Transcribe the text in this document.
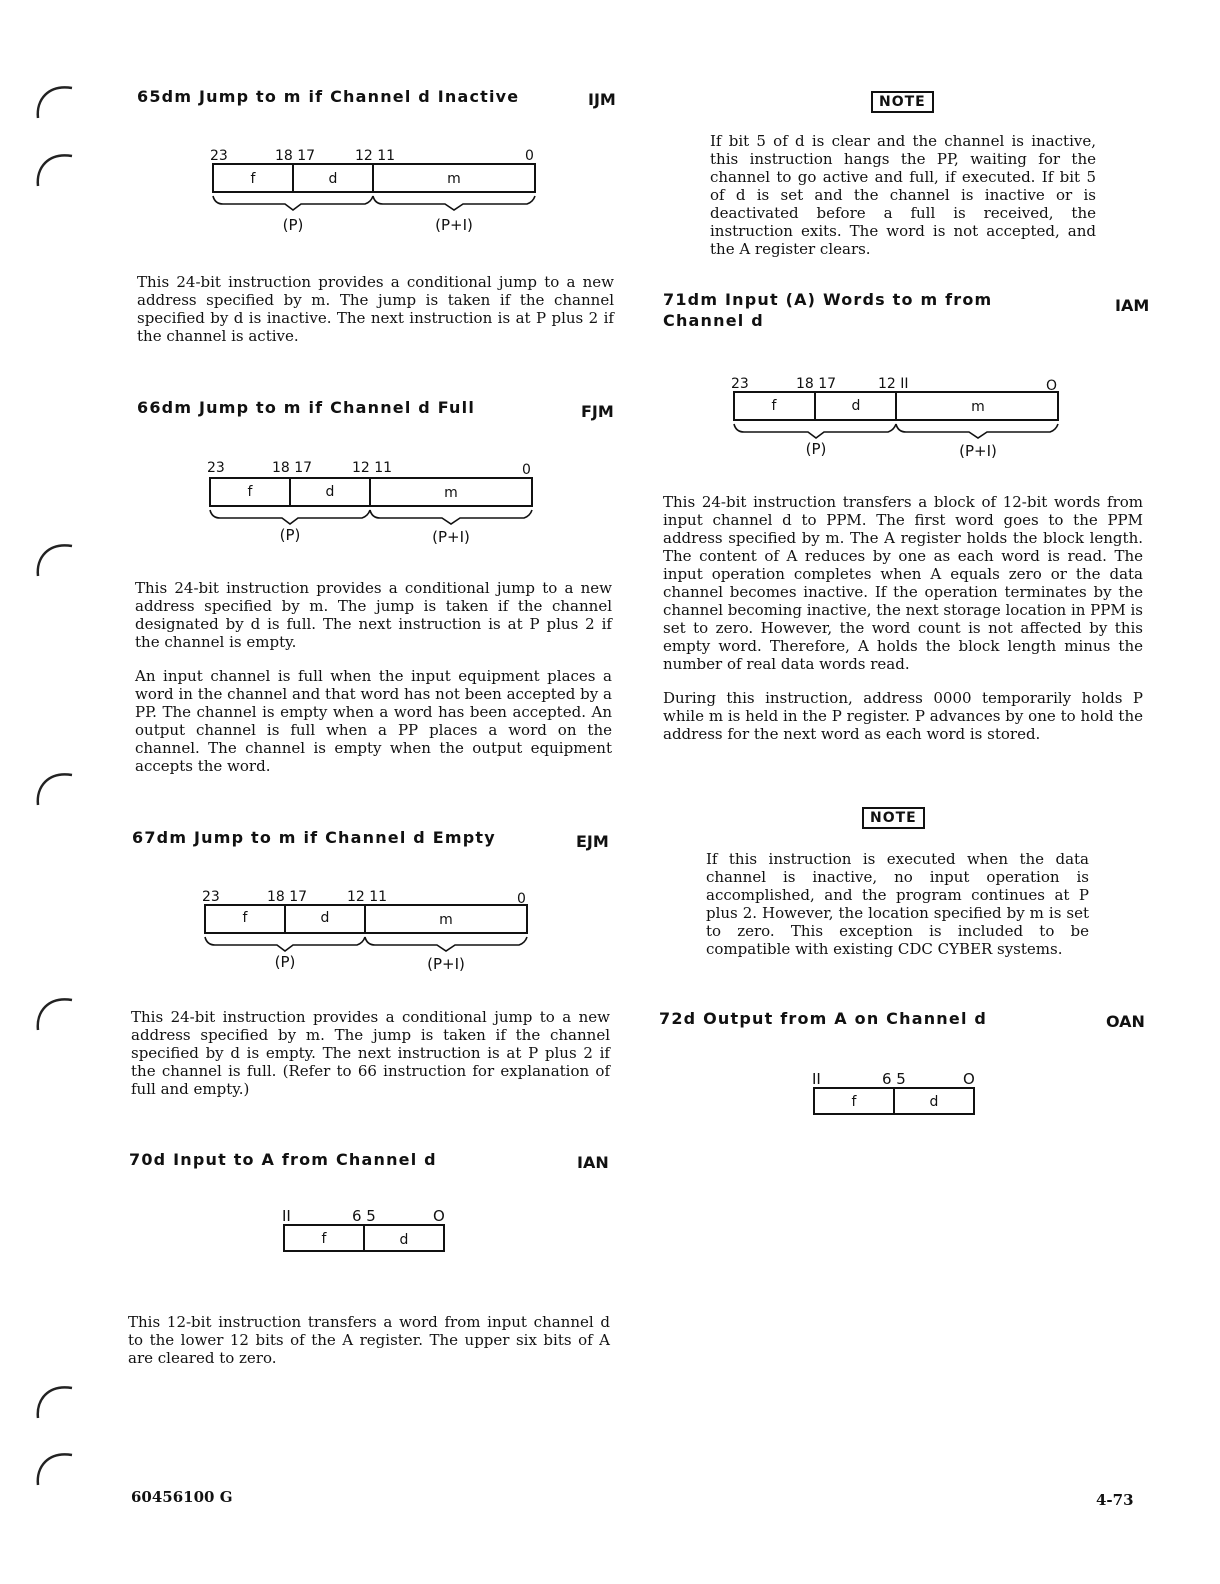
65dm Jump to m if Channel d Inactive	IJM
23	18 17	12 11	0
f	d	m
(P)	(P+I)

This 24-bit instruction provides a conditional jump to a new address specified by m. The jump is taken if the channel specified by d is inactive. The next instruction is at P plus 2 if the channel is active.

66dm Jump to m if Channel d Full	FJM
23	18 17	12 11	0
f	d	m
(P)	(P+I)

This 24-bit instruction provides a conditional jump to a new address specified by m. The jump is taken if the channel designated by d is full. The next instruction is at P plus 2 if the channel is empty.

An input channel is full when the input equipment places a word in the channel and that word has not been accepted by a PP. The channel is empty when a word has been accepted. An output channel is full when a PP places a word on the channel. The channel is empty when the output equipment accepts the word.

67dm Jump to m if Channel d Empty	EJM
23	18 17	12 11	0
f	d	m
(P)	(P+I)

This 24-bit instruction provides a conditional jump to a new address specified by m. The jump is taken if the channel specified by d is empty. The next instruction is at P plus 2 if the channel is full. (Refer to 66 instruction for explanation of full and empty.)

70d Input to A from Channel d	IAN
II	6 5	O
f	d

This 12-bit instruction transfers a word from input channel d to the lower 12 bits of the A register. The upper six bits of A are cleared to zero.

NOTE

If bit 5 of d is clear and the channel is inactive, this instruction hangs the PP, waiting for the channel to go active and full, if executed. If bit 5 of d is set and the channel is inactive or is deactivated before a full is received, the instruction exits. The word is not accepted, and the A register clears.

71dm Input (A) Words to m from
Channel d
IAM
23	18 17	12 II	O
f	d	m
(P)	(P+I)

This 24-bit instruction transfers a block of 12-bit words from input channel d to PPM. The first word goes to the PPM address specified by m. The A register holds the block length. The content of A reduces by one as each word is read. The input operation completes when A equals zero or the data channel becomes inactive. If the operation terminates by the channel becoming inactive, the next storage location in PPM is set to zero. However, the word count is not affected by this empty word. Therefore, A holds the block length minus the number of real data words read.

During this instruction, address 0000 temporarily holds P while m is held in the P register. P advances by one to hold the address for the next word as each word is stored.

NOTE

If this instruction is executed when the data channel is inactive, no input operation is accomplished, and the program continues at P plus 2. However, the location specified by m is set to zero. This exception is included to be compatible with existing CDC CYBER systems.

72d Output from A on Channel d	OAN
II	6 5	O
f	d
60456100 G	4-73
